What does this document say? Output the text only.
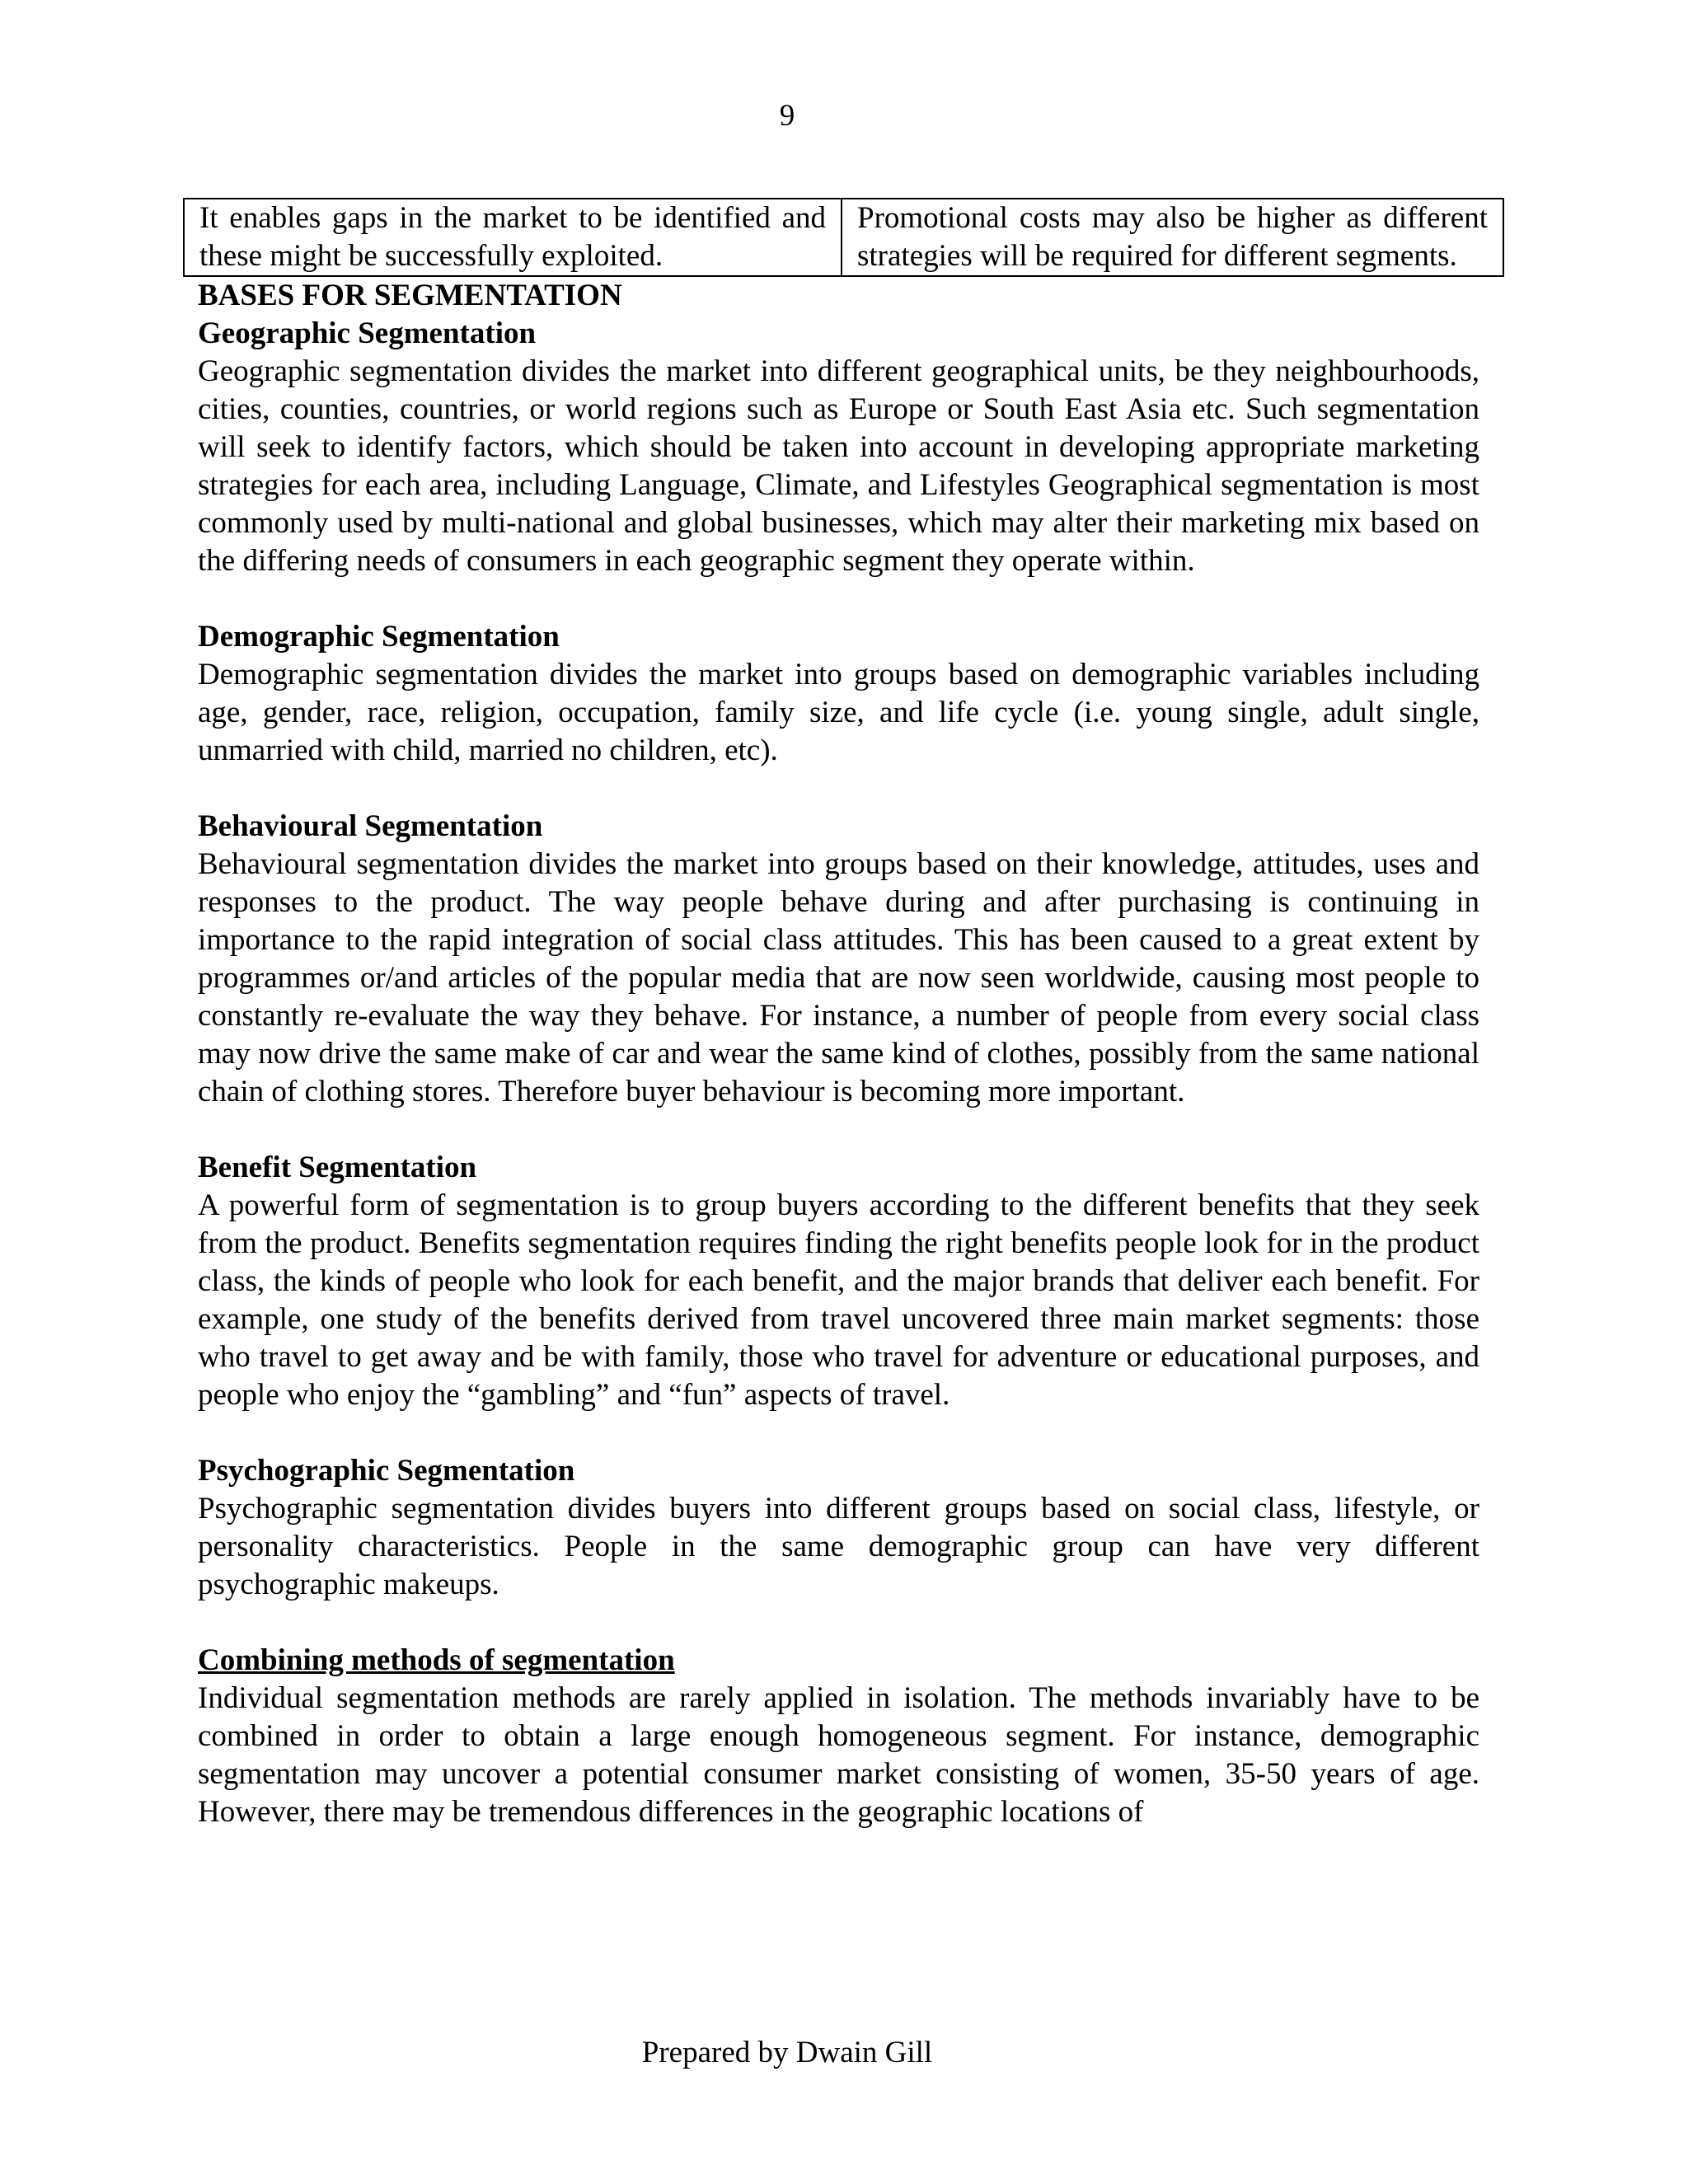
9
It enables gaps in the market to be identified and these might be successfully exploited.	Promotional costs may also be higher as different strategies will be required for different segments.

BASES FOR SEGMENTATION

Geographic Segmentation

Geographic segmentation divides the market into different geographical units, be they neighbourhoods, cities, counties, countries, or world regions such as Europe or South East Asia etc. Such segmentation will seek to identify factors, which should be taken into account in developing appropriate marketing strategies for each area, including Language, Climate, and Lifestyles Geographical segmentation is most commonly used by multi-national and global businesses, which may alter their marketing mix based on the differing needs of consumers in each geographic segment they operate within.

Demographic Segmentation

Demographic segmentation divides the market into groups based on demographic variables including age, gender, race, religion, occupation, family size, and life cycle (i.e. young single, adult single, unmarried with child, married no children, etc).

Behavioural Segmentation

Behavioural segmentation divides the market into groups based on their knowledge, attitudes, uses and responses to the product. The way people behave during and after purchasing is continuing in importance to the rapid integration of social class attitudes. This has been caused to a great extent by programmes or/and articles of the popular media that are now seen worldwide, causing most people to constantly re-evaluate the way they behave. For instance, a number of people from every social class may now drive the same make of car and wear the same kind of clothes, possibly from the same national chain of clothing stores. Therefore buyer behaviour is becoming more important.

Benefit Segmentation

A powerful form of segmentation is to group buyers according to the different benefits that they seek from the product. Benefits segmentation requires finding the right benefits people look for in the product class, the kinds of people who look for each benefit, and the major brands that deliver each benefit. For example, one study of the benefits derived from travel uncovered three main market segments: those who travel to get away and be with family, those who travel for adventure or educational purposes, and people who enjoy the “gambling” and “fun” aspects of travel.

Psychographic Segmentation

Psychographic segmentation divides buyers into different groups based on social class, lifestyle, or personality characteristics. People in the same demographic group can have very different psychographic makeups.

Combining methods of segmentation

Individual segmentation methods are rarely applied in isolation. The methods invariably have to be combined in order to obtain a large enough homogeneous segment. For instance, demographic segmentation may uncover a potential consumer market consisting of women, 35-50 years of age. However, there may be tremendous differences in the geographic locations of

Prepared by Dwain Gill
